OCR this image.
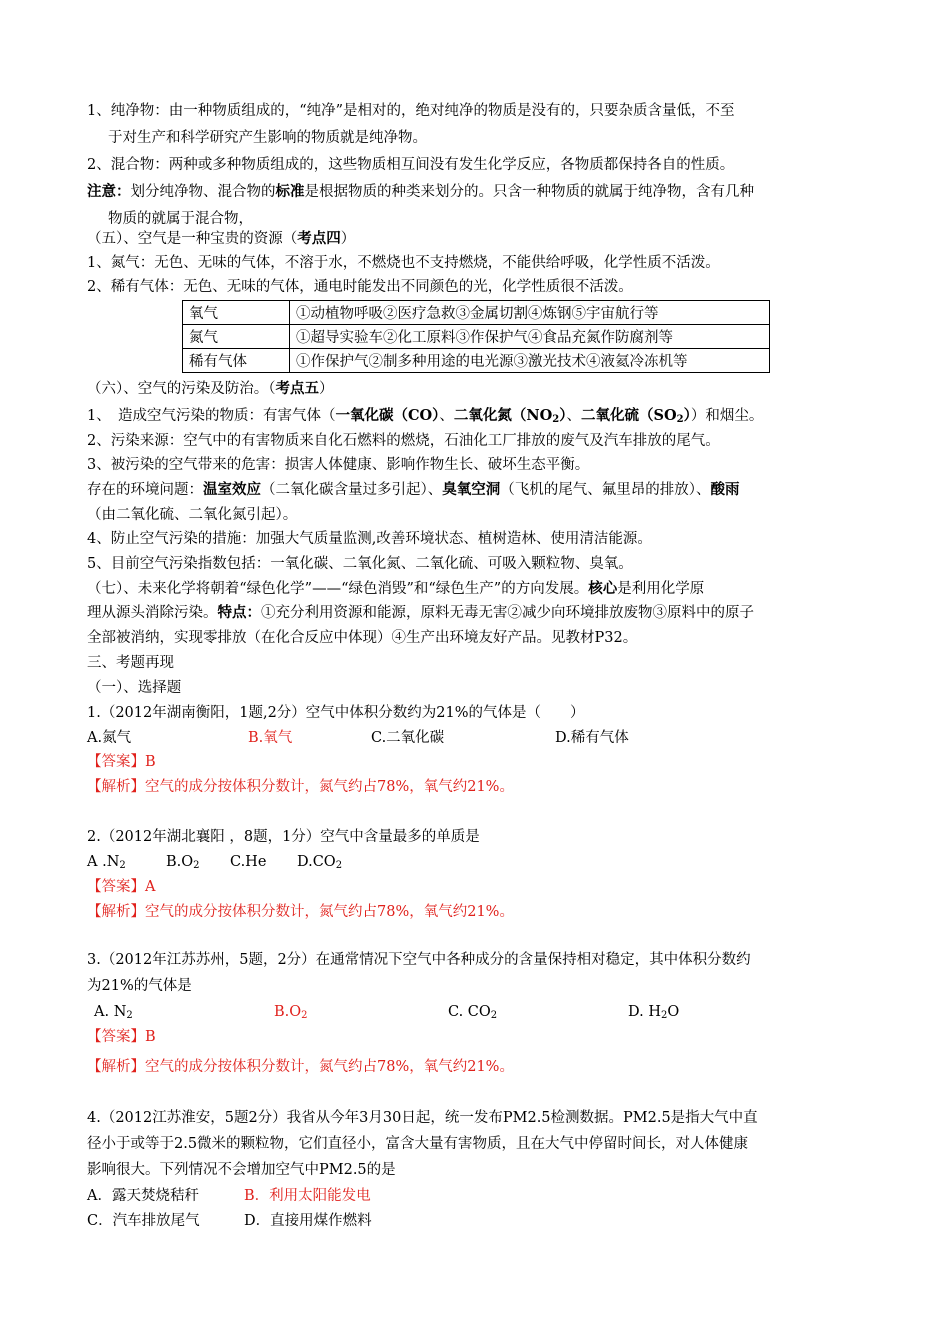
1、纯净物：由一种物质组成的，“纯净”是相对的，绝对纯净的物质是没有的，只要杂质含量低，不至
于对生产和科学研究产生影响的物质就是纯净物。
2、混合物：两种或多种物质组成的，这些物质相互间没有发生化学反应，各物质都保持各自的性质。
注意：划分纯净物、混合物的标准是根据物质的种类来划分的。只含一种物质的就属于纯净物，含有几种
物质的就属于混合物，
（五）、空气是一种宝贵的资源（考点四）
1、氮气：无色、无味的气体，不溶于水，不燃烧也不支持燃烧，不能供给呼吸，化学性质不活泼。
2、稀有气体：无色、无味的气体，通电时能发出不同颜色的光，化学性质很不活泼。
氧气	①动植物呼吸②医疗急救③金属切割④炼钢⑤宇宙航行等
氮气	①超导实验车②化工原料③作保护气④食品充氮作防腐剂等
稀有气体	①作保护气②制多种用途的电光源③激光技术④液氦冷冻机等
（六）、空气的污染及防治。（考点五）
1、　造成空气污染的物质：有害气体（一氧化碳（CO）、二氧化氮$(NO_2)$、二氧化硫$(SO_2)$）和烟尘。
2、污染来源：空气中的有害物质来自化石燃料的燃烧，石油化工厂排放的废气及汽车排放的尾气。
3、被污染的空气带来的危害：损害人体健康、影响作物生长、破坏生态平衡。
存在的环境问题：温室效应（二氧化碳含量过多引起）、臭氧空洞（飞机的尾气、氟里昂的排放）、酸雨
（由二氧化硫、二氧化氮引起）。
4、防止空气污染的措施：加强大气质量监测,改善环境状态、植树造林、使用清洁能源。
5、目前空气污染指数包括：一氧化碳、二氧化氮、二氧化硫、可吸入颗粒物、臭氧。
（七）、未来化学将朝着“绿色化学”——“绿色消毁”和“绿色生产”的方向发展。核心是利用化学原
理从源头消除污染。特点：①充分利用资源和能源，原料无毒无害②减少向环境排放废物③原料中的原子
全部被消纳，实现零排放（在化合反应中体现）④生产出环境友好产品。见教材P32。
三、考题再现
（一）、选择题
1.（2012年湖南衡阳，1题,2分）空气中体积分数约为21%的气体是（　　）
A.氮气	B.氧气	C.二氧化碳	D.稀有气体
【答案】B
【解析】空气的成分按体积分数计，氮气约占78%，氧气约21%。
2.（2012年湖北襄阳 ，8题，1分）空气中含量最多的单质是
A $.N_2$	$B.O_2$ C.He $D.CO_2$
【答案】A
【解析】空气的成分按体积分数计，氮气约占78%，氧气约21%。
3.（2012年江苏苏州，5题，2分）在通常情况下空气中各种成分的含量保持相对稳定，其中体积分数约
为21%的气体是
A. $N_2$	$B.O_2$	C. $CO_2$	D. $H_2O$
【答案】B
【解析】空气的成分按体积分数计，氮气约占78%，氧气约21%。
4.（2012江苏淮安，5题2分）我省从今年3月30日起，统一发布PM2.5检测数据。PM2.5是指大气中直
径小于或等于2.5微米的颗粒物，它们直径小，富含大量有害物质，且在大气中停留时间长，对人体健康
影响很大。下列情况不会增加空气中PM2.5的是
A．露天焚烧秸秆	B．利用太阳能发电
C．汽车排放尾气	D．直接用煤作燃料
